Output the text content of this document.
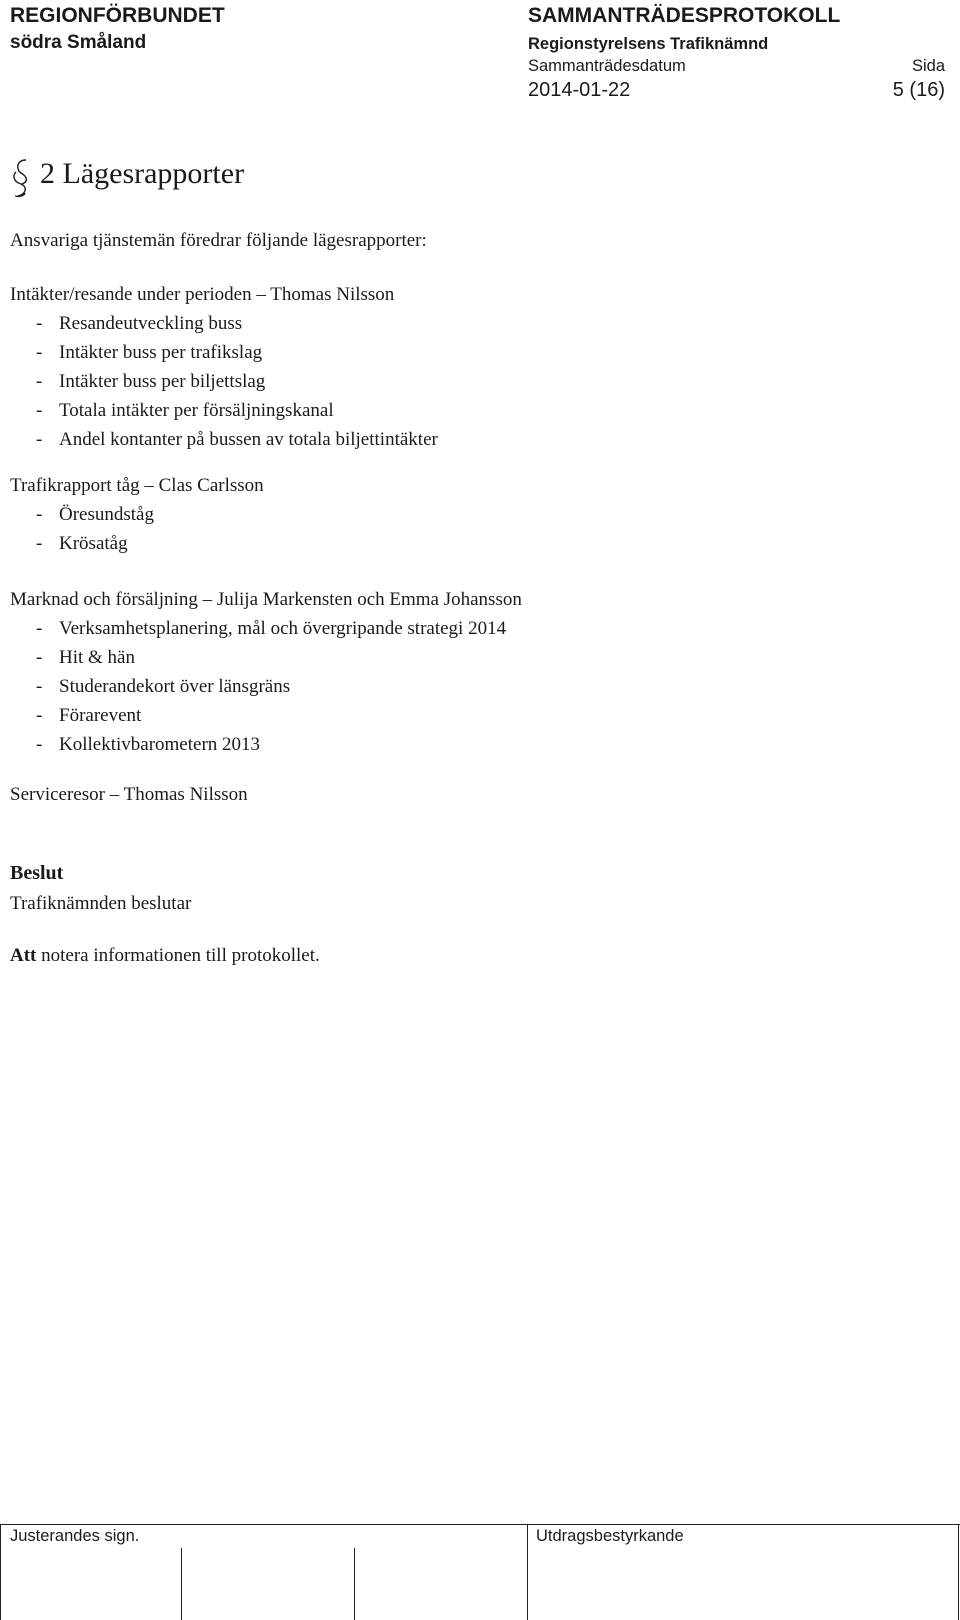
REGIONFÖRBUNDET
södra Småland
SAMMANTRÄDESPROTOKOLL
Regionstyrelsens Trafiknämnd
Sammanträdesdatum	Sida
2014-01-22	5 (16)
2 Lägesrapporter
Ansvariga tjänstemän föredrar följande lägesrapporter:
Intäkter/resande under perioden – Thomas Nilsson
- Resandeutveckling buss
- Intäkter buss per trafikslag
- Intäkter buss per biljettslag
- Totala intäkter per försäljningskanal
- Andel kontanter på bussen av totala biljettintäkter
Trafikrapport tåg – Clas Carlsson
- Öresundståg
- Krösatåg
Marknad och försäljning – Julija Markensten och Emma Johansson
- Verksamhetsplanering, mål och övergripande strategi 2014
- Hit & hän
- Studerandekort över länsgräns
- Förarevent
- Kollektivbarometern 2013
Serviceresor – Thomas Nilsson
Beslut
Trafiknämnden beslutar
Att notera informationen till protokollet.
Justerandes sign.	Utdragsbestyrkande
